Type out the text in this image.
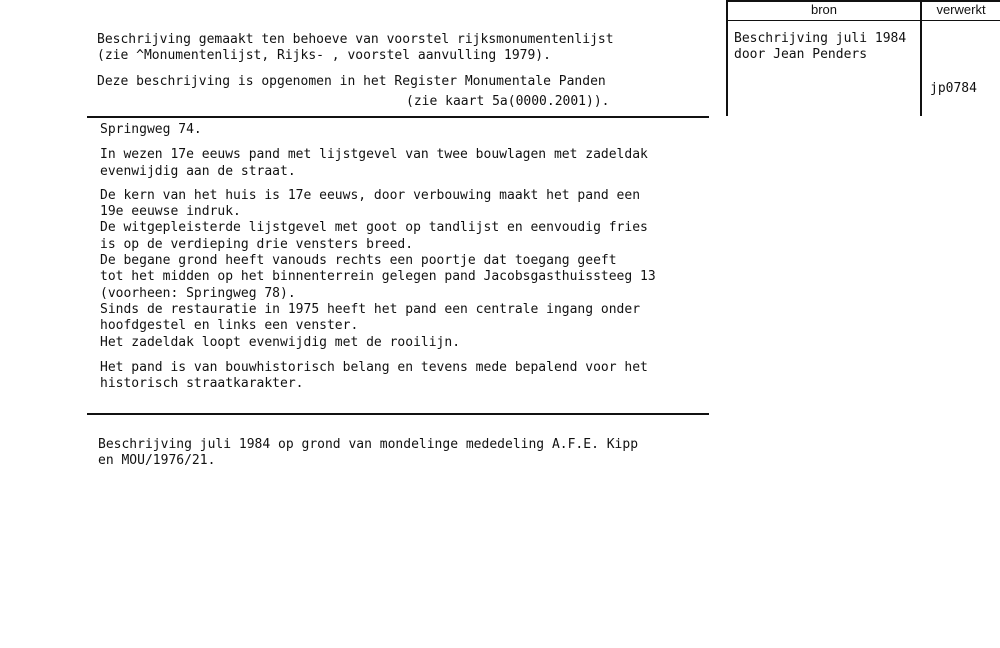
bron	verwerkt
Beschrijving juli 1984
door Jean Penders
jp0784
Beschrijving gemaakt ten behoeve van voorstel rijksmonumentenlijst
(zie ^Monumentenlijst, Rijks- , voorstel aanvulling 1979).
Deze beschrijving is opgenomen in het Register Monumentale Panden
(zie kaart 5a(0000.2001)).
Springweg 74.
In wezen 17e eeuws pand met lijstgevel van twee bouwlagen met zadeldak
evenwijdig aan de straat.
De kern van het huis is 17e eeuws, door verbouwing maakt het pand een
19e eeuwse indruk.
De witgepleisterde lijstgevel met goot op tandlijst en eenvoudig fries
is op de verdieping drie vensters breed.
De begane grond heeft vanouds rechts een poortje dat toegang geeft
tot het midden op het binnenterrein gelegen pand Jacobsgasthuissteeg 13
(voorheen: Springweg 78).
Sinds de restauratie in 1975 heeft het pand een centrale ingang onder
hoofdgestel en links een venster.
Het zadeldak loopt evenwijdig met de rooilijn.
Het pand is van bouwhistorisch belang en tevens mede bepalend voor het
historisch straatkarakter.
Beschrijving juli 1984 op grond van mondelinge mededeling A.F.E. Kipp
en MOU/1976/21.
